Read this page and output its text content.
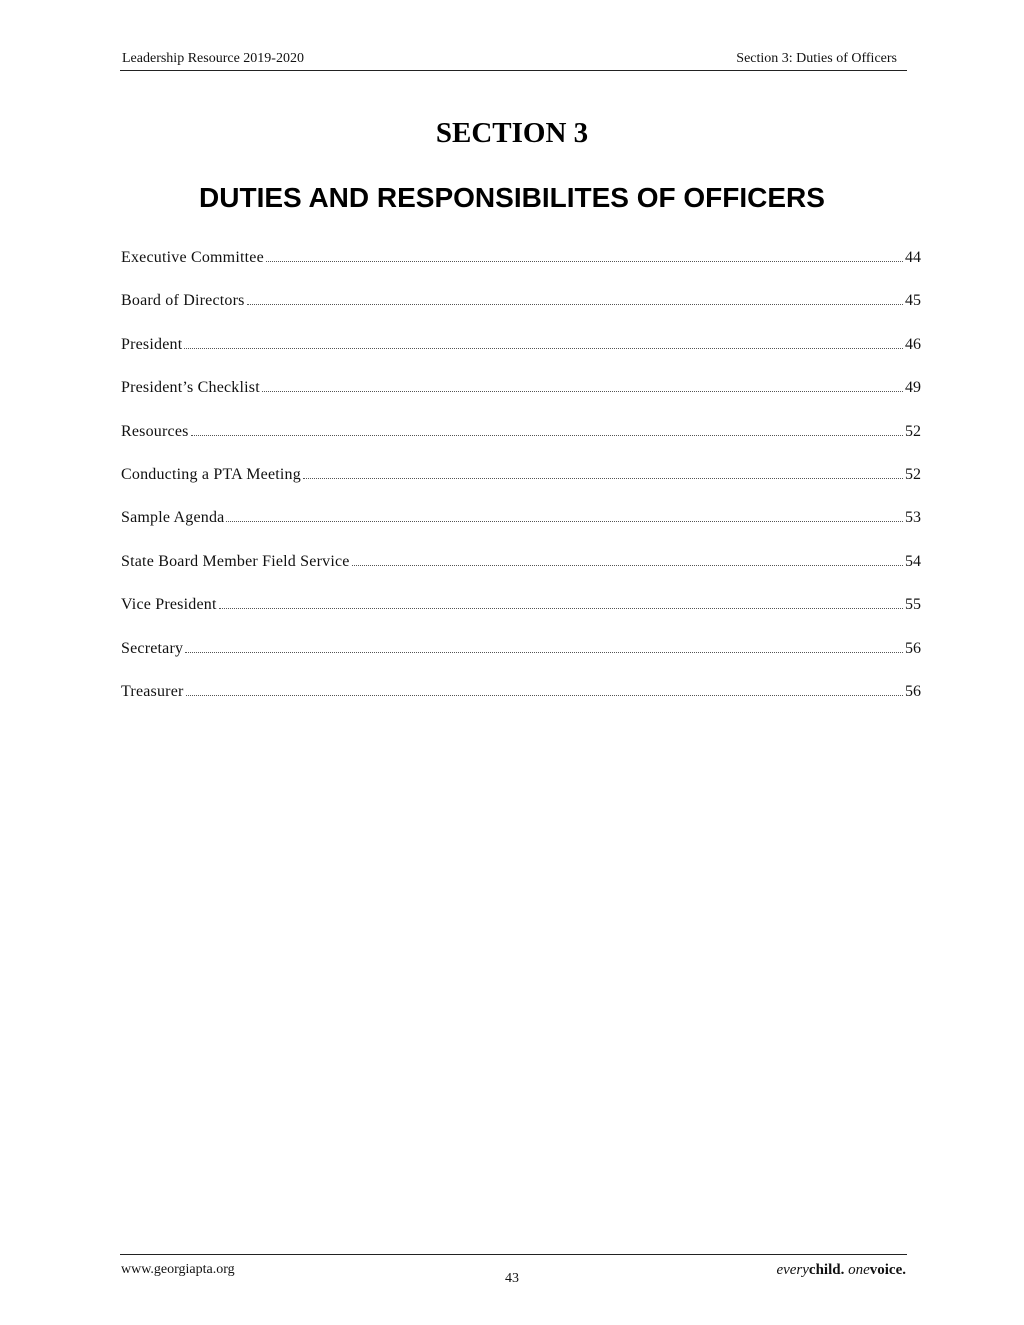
Leadership Resource 2019-2020	Section 3: Duties of Officers
SECTION 3
DUTIES AND RESPONSIBILITES OF OFFICERS
Executive Committee	44
Board of Directors	45
President	46
President’s Checklist	49
Resources	52
Conducting a PTA Meeting	52
Sample Agenda	53
State Board Member Field Service	54
Vice President	55
Secretary	56
Treasurer	56
www.georgiapta.org
43
everychild. onevoice.
